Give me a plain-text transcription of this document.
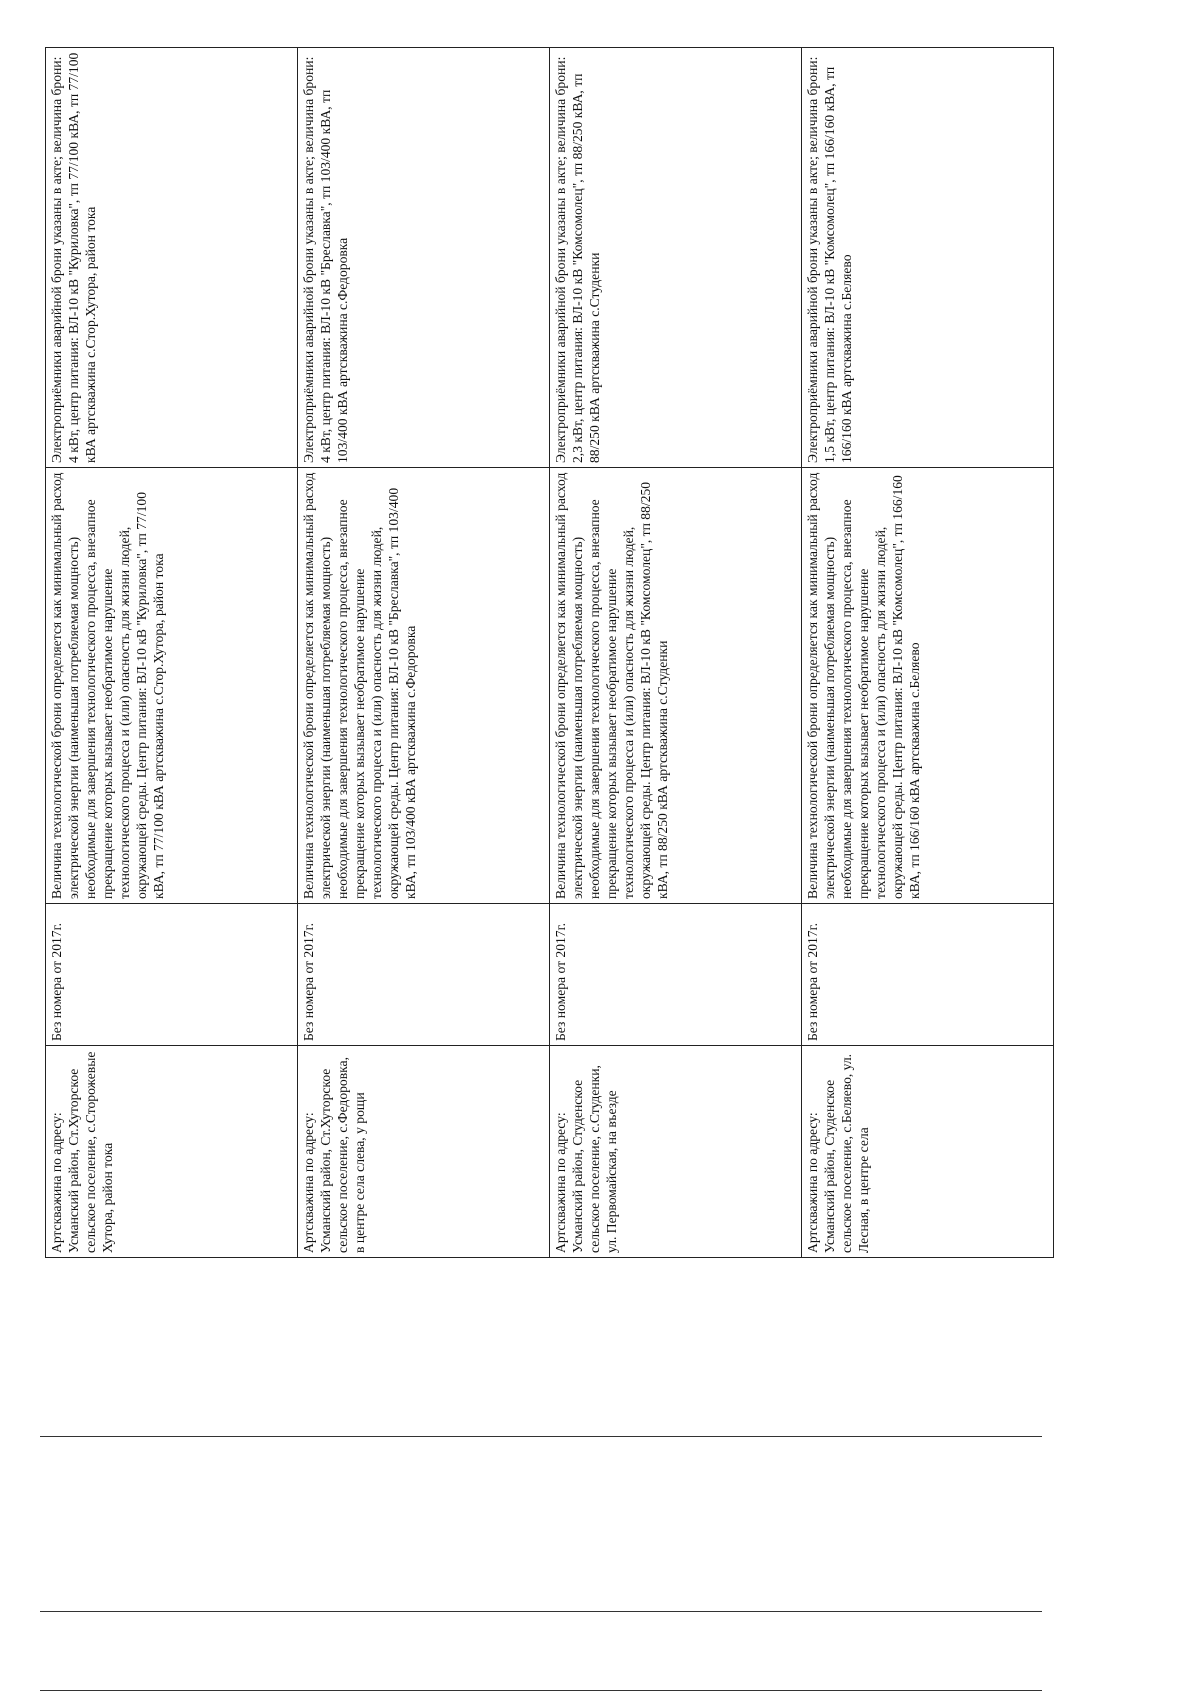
Артскважина по адресу: Усманский район, Ст.Хуторское сельское поселение, с.Сторожевые Хутора, район тока	Без номера от 2017г.	Величина технологической брони определяется как минимальный расход электрической энергии (наименьшая потребляемая мощность) необходимые для завершения технологического процесса, внезапное прекращение которых вызывает необратимое нарушение технологического процесса и (или) опасность для жизни людей, окружающей среды. Центр питания: ВЛ-10 кВ "Куриловка", тп 77/100 кВА, тп 77/100 кВА артскважина с.Стор.Хутора, район тока	Электроприёмники аварийной брони указаны в акте; величина брони: 4 кВт, центр питания: ВЛ-10 кВ "Куриловка", тп 77/100 кВА, тп 77/100 кВА артскважина с.Стор.Хутора, район тока
Артскважина по адресу: Усманский район, Ст.Хуторское сельское поселение, с.Федоровка, в центре села слева, у рощи	Без номера от 2017г.	Величина технологической брони определяется как минимальный расход электрической энергии (наименьшая потребляемая мощность) необходимые для завершения технологического процесса, внезапное прекращение которых вызывает необратимое нарушение технологического процесса и (или) опасность для жизни людей, окружающей среды. Центр питания: ВЛ-10 кВ "Бреславка", тп 103/400 кВА, тп 103/400 кВА артскважина с.Федоровка	Электроприёмники аварийной брони указаны в акте; величина брони: 4 кВт, центр питания: ВЛ-10 кВ "Бреславка", тп 103/400 кВА, тп 103/400 кВА артскважина с.Федоровка
Артскважина по адресу: Усманский район, Студенское сельское поселение, с.Студенки, ул. Первомайская, на въезде	Без номера от 2017г.	Величина технологической брони определяется как минимальный расход электрической энергии (наименьшая потребляемая мощность) необходимые для завершения технологического процесса, внезапное прекращение которых вызывает необратимое нарушение технологического процесса и (или) опасность для жизни людей, окружающей среды. Центр питания: ВЛ-10 кВ "Комсомолец", тп 88/250 кВА, тп 88/250 кВА артскважина с.Студенки	Электроприёмники аварийной брони указаны в акте; величина брони: 2,3 кВт, центр питания: ВЛ-10 кВ "Комсомолец", тп 88/250 кВА, тп 88/250 кВА артскважина с.Студенки
Артскважина по адресу: Усманский район, Студенское сельское поселение, с.Беляево, ул. Лесная, в центре села	Без номера от 2017г.	Величина технологической брони определяется как минимальный расход электрической энергии (наименьшая потребляемая мощность) необходимые для завершения технологического процесса, внезапное прекращение которых вызывает необратимое нарушение технологического процесса и (или) опасность для жизни людей, окружающей среды. Центр питания: ВЛ-10 кВ "Комсомолец", тп 166/160 кВА, тп 166/160 кВА артскважина с.Беляево	Электроприёмники аварийной брони указаны в акте; величина брони: 1,5 кВт, центр питания: ВЛ-10 кВ "Комсомолец", тп 166/160 кВА, тп 166/160 кВА артскважина с.Беляево
